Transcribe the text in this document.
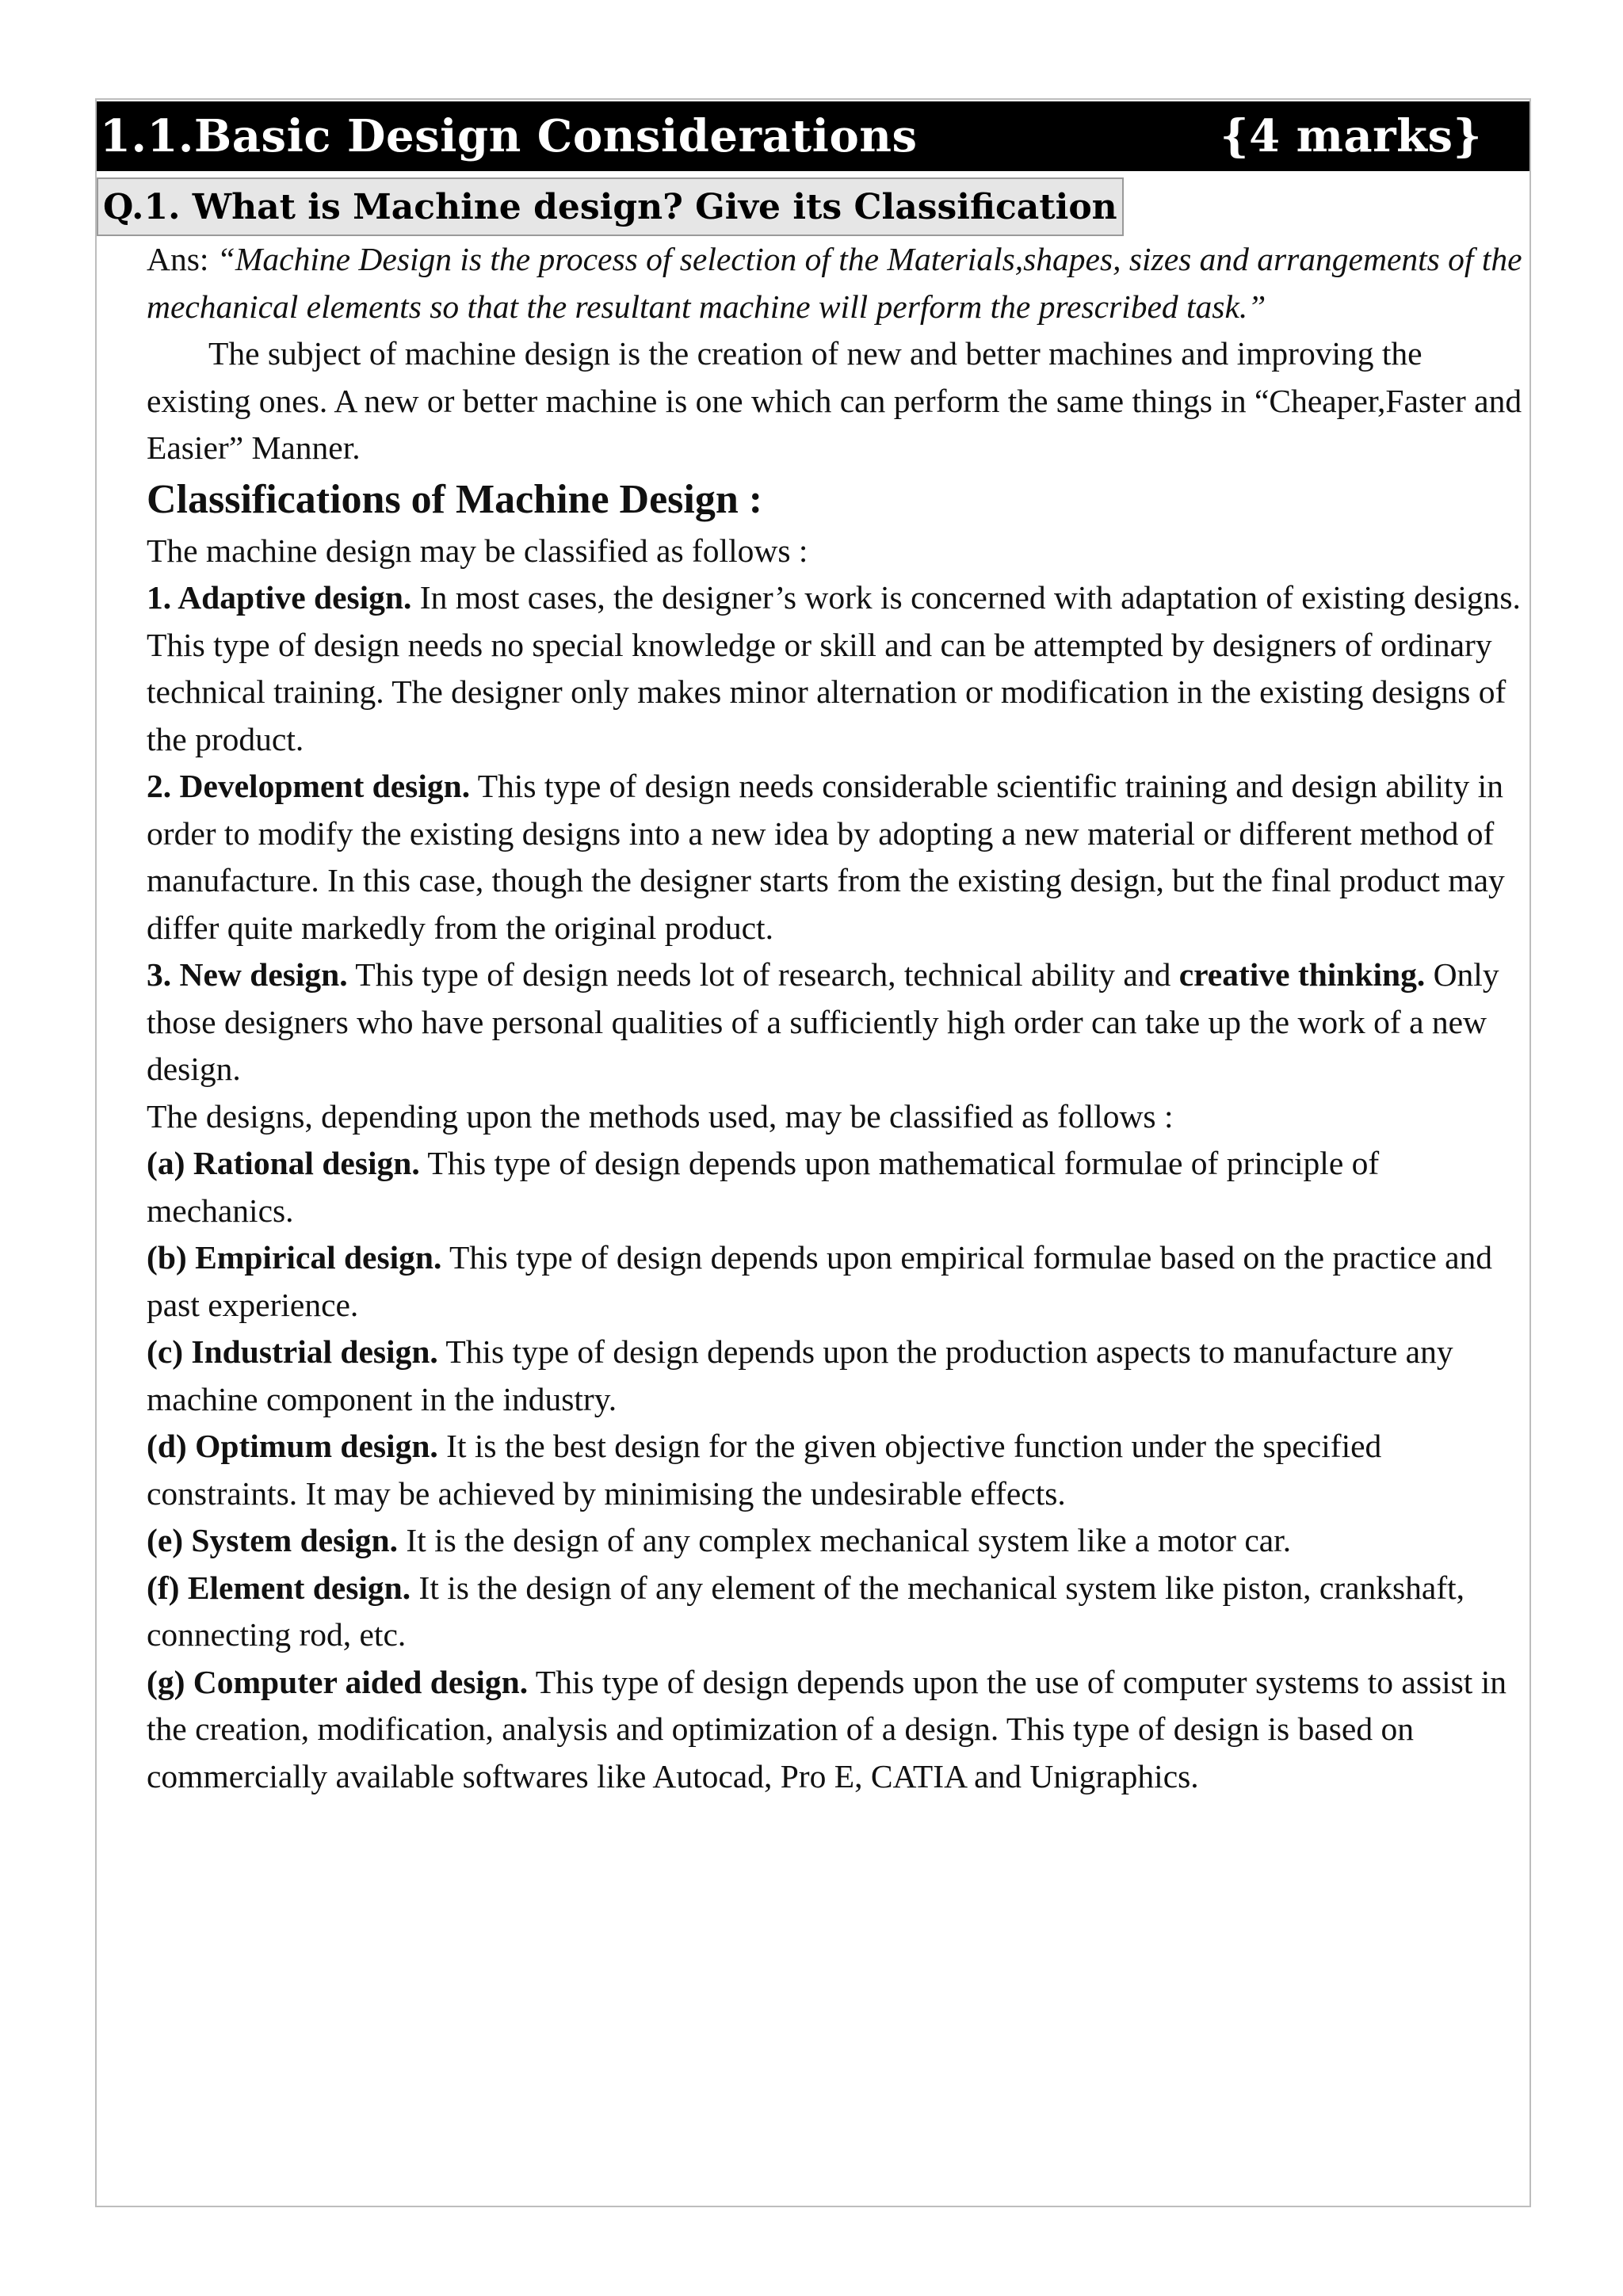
1.1.Basic Design Considerations	{4 marks}
Q.1. What is Machine design? Give its Classification

Ans: “Machine Design is the process of selection of the Materials,shapes, sizes and arrangements of the mechanical elements so that the resultant machine will perform the prescribed task.”

The subject of machine design is the creation of new and better machines and improving the existing ones. A new or better machine is one which can perform the same things in “Cheaper,Faster and Easier” Manner.

Classifications of Machine Design :

The machine design may be classified as follows :

1. Adaptive design. In most cases, the designer’s work is concerned with adaptation of existing designs. This type of design needs no special knowledge or skill and can be attempted by designers of ordinary technical training. The designer only makes minor alternation or modification in the existing designs of the product.

2. Development design. This type of design needs considerable scientific training and design ability in order to modify the existing designs into a new idea by adopting a new material or different method of manufacture. In this case, though the designer starts from the existing design, but the final product may differ quite markedly from the original product.

3. New design. This type of design needs lot of research, technical ability and creative thinking. Only those designers who have personal qualities of a sufficiently high order can take up the work of a new design.

The designs, depending upon the methods used, may be classified as follows :

(a) Rational design. This type of design depends upon mathematical formulae of principle of mechanics.

(b) Empirical design. This type of design depends upon empirical formulae based on the practice and past experience.

(c) Industrial design. This type of design depends upon the production aspects to manufacture any machine component in the industry.

(d) Optimum design. It is the best design for the given objective function under the specified constraints. It may be achieved by minimising the undesirable effects.

(e) System design. It is the design of any complex mechanical system like a motor car.

(f) Element design. It is the design of any element of the mechanical system like piston, crankshaft, connecting rod, etc.

(g) Computer aided design. This type of design depends upon the use of computer systems to assist in the creation, modification, analysis and optimization of a design. This type of design is based on commercially available softwares like Autocad, Pro E, CATIA and Unigraphics.
